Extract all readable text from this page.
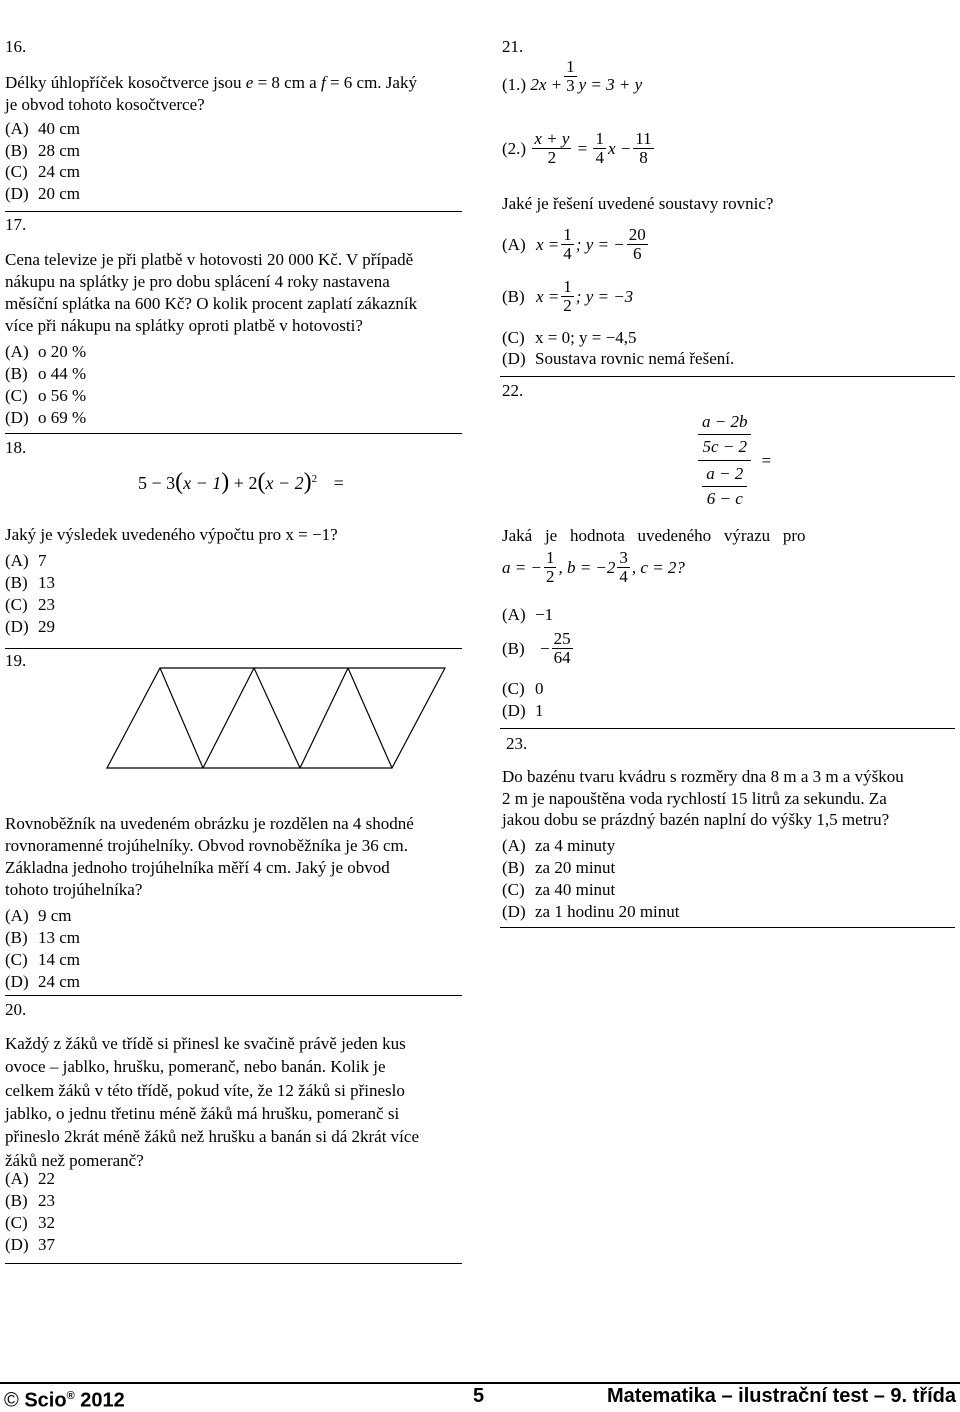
16.
Délky úhlopříček kosočtverce jsou e = 8 cm a f = 6 cm. Jaký
je obvod tohoto kosočtverce?
(A) 40 cm
(B) 28 cm
(C) 24 cm
(D) 20 cm
17.
Cena televize je při platbě v hotovosti 20 000 Kč. V případě
nákupu na splátky je pro dobu splácení 4 roky nastavena
měsíční splátka na 600 Kč? O kolik procent zaplatí zákazník
více při nákupu na splátky oproti platbě v hotovosti?
(A) o 20 %
(B) o 44 %
(C) o 56 %
(D) o 69 %
18.
$5 - 3(x - 1) + 2(x - 2)^2$ =
Jaký je výsledek uvedeného výpočtu pro x = −1?
(A) 7
(B) 13
(C) 23
(D) 29
19.
Rovnoběžník na uvedeném obrázku je rozdělen na 4 shodné
rovnoramenné trojúhelníky. Obvod rovnoběžníka je 36 cm.
Základna jednoho trojúhelníka měří 4 cm. Jaký je obvod
tohoto trojúhelníka?
(A) 9 cm
(B) 13 cm
(C) 14 cm
(D) 24 cm
20.
Každý z žáků ve třídě si přinesl ke svačině právě jeden kus
ovoce – jablko, hrušku, pomeranč, nebo banán. Kolik je
celkem žáků v této třídě, pokud víte, že 12 žáků si přineslo
jablko, o jednu třetinu méně žáků má hrušku, pomeranč si
přineslo 2krát méně žáků než hrušku a banán si dá 2krát více
žáků než pomeranč?
(A) 22
(B) 23
(C) 32
(D) 37
21.
(1.) $2x + \frac{1}{3}$ y = 3 + y
$(2.) \frac{x + y}{2} = \frac{1}{4}$ $x - \frac{11}{8}$
Jaké je řešení uvedené soustavy rovnic?
(A) $x = \frac{1}{4}$ ; y = − $\frac{20}{6}$
(B) $x = \frac{1}{2}$ ; y = −3
(C) x = 0; y = −4,5
(D) Soustava rovnic nemá řešení.
22.
$\frac{\frac{a - 2b}{5c - 2}}{\frac{a - 2}{6 - c}}$ =
Jaká   je   hodnota   uvedeného   výrazu   pro
a = − $\frac{1}{2}$ , $b = -2 \frac{3}{4}$ , c = 2?
(A) −1
$(B) - \frac{25}{64}$
(C) 0
(D) 1
23.
Do bazénu tvaru kvádru s rozměry dna 8 m a 3 m a výškou
2 m je napouštěna voda rychlostí 15 litrů za sekundu. Za
jakou dobu se prázdný bazén naplní do výšky 1,5 metru?
(A) za 4 minuty
(B) za 20 minut
(C) za 40 minut
(D) za 1 hodinu 20 minut
© Scio® 2012	5	Matematika – ilustrační test – 9. třída
